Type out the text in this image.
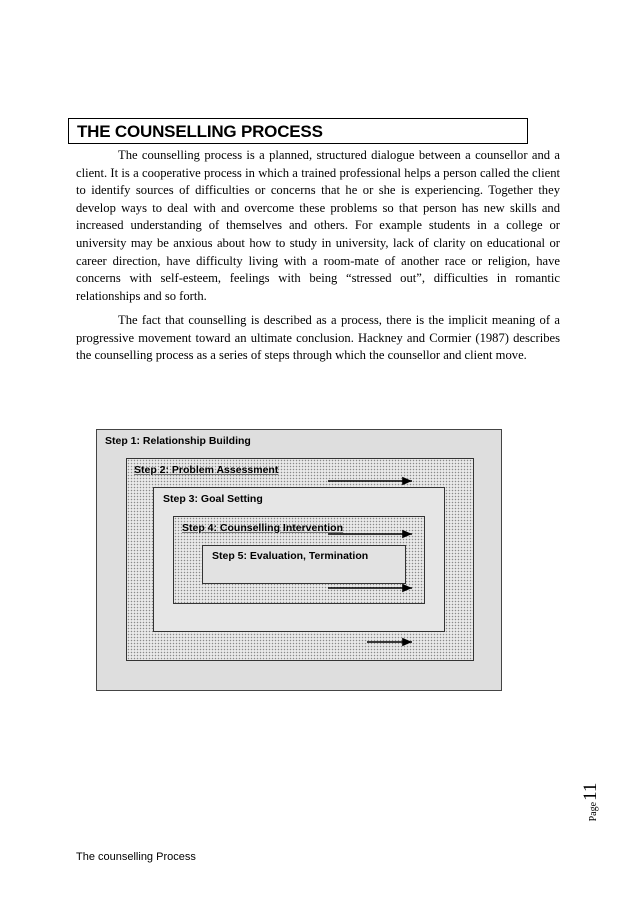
THE COUNSELLING PROCESS

The counselling process is a planned, structured dialogue between a counsellor and a client. It is a cooperative process in which a trained professional helps a person called the client to identify sources of difficulties or concerns that he or she is experiencing. Together they develop ways to deal with and overcome these problems so that person has new skills and increased understanding of themselves and others. For example students in a college or university may be anxious about how to study in university, lack of clarity on educational or career direction, have difficulty living with a room-mate of another race or religion, have concerns with self-esteem, feelings with being “stressed out”, difficulties in romantic relationships and so forth.

The fact that counselling is described as a process, there is the implicit meaning of a progressive movement toward an ultimate conclusion. Hackney and Cormier (1987) describes the counselling process as a series of steps through which the counsellor and client move.

Step 1: Relationship Building
Step 2: Problem Assessment
Step 3: Goal Setting
Step 4: Counselling Intervention
Step 5: Evaluation, Termination
Page
11
The counselling Process
